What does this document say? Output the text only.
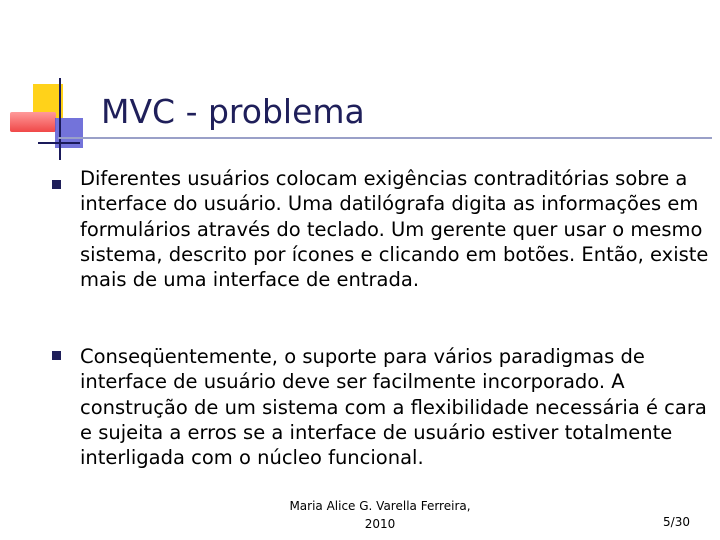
MVC - problema
Diferentes usuários colocam exigências contraditórias sobre a interface do usuário. Uma datilógrafa digita as informações em formulários através do teclado. Um gerente quer usar o mesmo sistema, descrito por ícones e clicando em botões. Então, existe mais de uma interface de entrada.
Conseqüentemente, o suporte para vários paradigmas de interface de usuário deve ser facilmente incorporado. A construção de um sistema com a flexibilidade necessária é cara e sujeita a erros se a interface de usuário estiver totalmente interligada com o núcleo funcional.
Maria Alice G. Varella Ferreira,
2010	5/30
